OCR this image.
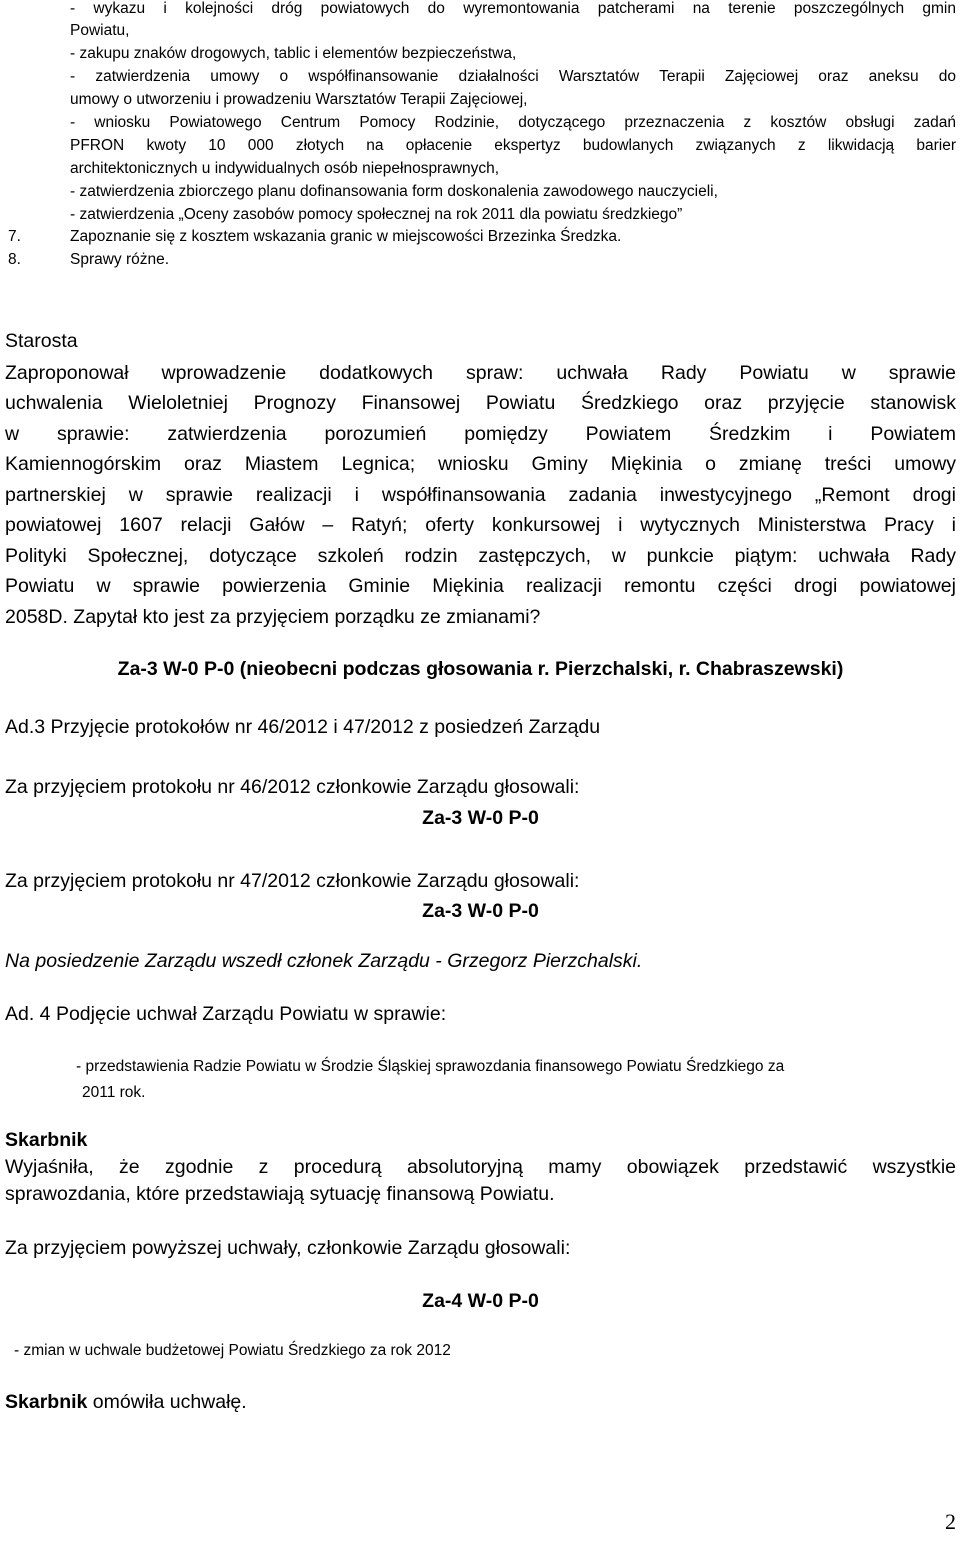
- wykazu i kolejności dróg powiatowych do wyremontowania patcherami na terenie poszczególnych gmin
Powiatu,
- zakupu znaków drogowych, tablic i elementów bezpieczeństwa,
- zatwierdzenia umowy o współfinansowanie działalności Warsztatów Terapii Zajęciowej oraz aneksu do
umowy o utworzeniu i prowadzeniu Warsztatów Terapii Zajęciowej,
- wniosku Powiatowego Centrum Pomocy Rodzinie, dotyczącego przeznaczenia z kosztów obsługi zadań
PFRON kwoty 10 000 złotych na opłacenie ekspertyz budowlanych związanych z likwidacją barier
architektonicznych u indywidualnych osób niepełnosprawnych,
- zatwierdzenia zbiorczego planu dofinansowania form doskonalenia zawodowego nauczycieli,
- zatwierdzenia „Oceny zasobów pomocy społecznej na rok 2011 dla powiatu średzkiego”
7.	Zapoznanie się z kosztem wskazania granic w miejscowości Brzezinka Średzka.
8.	Sprawy różne.
Starosta
Zaproponował wprowadzenie dodatkowych spraw: uchwała Rady Powiatu w sprawie
uchwalenia Wieloletniej Prognozy Finansowej Powiatu Średzkiego oraz przyjęcie stanowisk
w sprawie: zatwierdzenia porozumień pomiędzy Powiatem Średzkim i Powiatem
Kamiennogórskim oraz Miastem Legnica; wniosku Gminy Miękinia o zmianę treści umowy
partnerskiej w sprawie realizacji i współfinansowania zadania inwestycyjnego „Remont drogi
powiatowej 1607 relacji Gałów – Ratyń; oferty konkursowej i wytycznych Ministerstwa Pracy i
Polityki Społecznej, dotyczące szkoleń rodzin zastępczych, w punkcie piątym: uchwała Rady
Powiatu w sprawie powierzenia Gminie Miękinia realizacji remontu części drogi powiatowej
2058D. Zapytał kto jest za przyjęciem porządku ze zmianami?
Za-3 W-0 P-0 (nieobecni podczas głosowania r. Pierzchalski, r. Chabraszewski)
Ad.3 Przyjęcie protokołów nr 46/2012 i 47/2012 z posiedzeń Zarządu
Za przyjęciem protokołu nr 46/2012 członkowie Zarządu głosowali:
Za-3 W-0 P-0
Za przyjęciem protokołu nr 47/2012 członkowie Zarządu głosowali:
Za-3 W-0 P-0
Na posiedzenie Zarządu wszedł członek Zarządu - Grzegorz Pierzchalski.
Ad. 4 Podjęcie uchwał Zarządu Powiatu w sprawie:
- przedstawienia Radzie Powiatu w Środzie Śląskiej sprawozdania finansowego Powiatu Średzkiego za
2011 rok.
Skarbnik
Wyjaśniła, że zgodnie z procedurą absolutoryjną mamy obowiązek przedstawić wszystkie
sprawozdania, które przedstawiają sytuację finansową Powiatu.
Za przyjęciem powyższej uchwały, członkowie Zarządu głosowali:
Za-4 W-0 P-0
- zmian w uchwale budżetowej Powiatu Średzkiego za rok 2012
Skarbnik omówiła uchwałę.
2
